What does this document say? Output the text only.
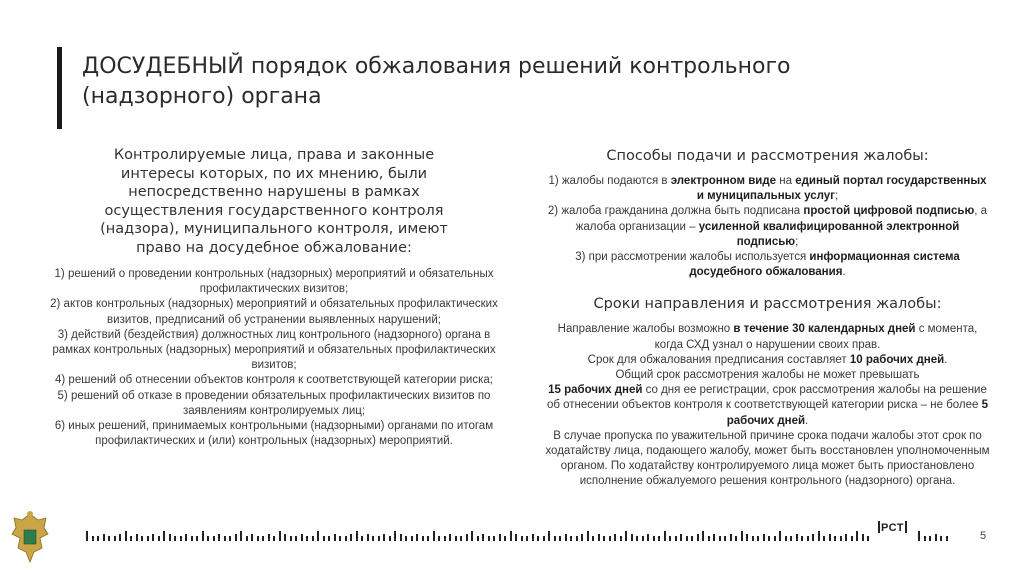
ДОСУДЕБНЫЙ порядок обжалования решений контрольного
(надзорного) органа

Контролируемые лица, права и законные интересы которых, по их мнению, были непосредственно нарушены в рамках осуществления государственного контроля (надзора), муниципального контроля, имеют право на досудебное обжалование:

1) решений о проведении контрольных (надзорных) мероприятий и обязательных профилактических визитов;
2) актов контрольных (надзорных) мероприятий и обязательных профилактических визитов, предписаний об устранении выявленных нарушений;
3) действий (бездействия) должностных лиц контрольного (надзорного) органа в рамках контрольных (надзорных) мероприятий и обязательных профилактических визитов;
4) решений об отнесении объектов контроля к соответствующей категории риска;
5) решений об отказе в проведении обязательных профилактических визитов по заявлениям контролируемых лиц;
6) иных решений, принимаемых контрольными (надзорными) органами по итогам профилактических и (или) контрольных (надзорных) мероприятий.
Способы подачи и рассмотрения жалобы:
1) жалобы подаются в электронном виде на единый портал государственных и муниципальных услуг;
2) жалоба гражданина должна быть подписана простой цифровой подписью, а жалоба организации – усиленной квалифицированной электронной подписью;
3) при рассмотрении жалобы используется информационная система досудебного обжалования.
Сроки направления и рассмотрения жалобы:
Направление жалобы возможно в течение 30 календарных дней с момента, когда СХД узнал о нарушении своих прав.
Срок для обжалования предписания составляет 10 рабочих дней.
Общий срок рассмотрения жалобы не может превышать
15 рабочих дней со дня ее регистрации, срок рассмотрения жалобы на решение об отнесении объектов контроля к соответствующей категории риска – не более 5 рабочих дней.
В случае пропуска по уважительной причине срока подачи жалобы этот срок по ходатайству лица, подающего жалобу, может быть восстановлен уполномоченным органом. По ходатайству контролируемого лица может быть приостановлено исполнение обжалуемого решения контрольного (надзорного) органа.
РСТ
5
